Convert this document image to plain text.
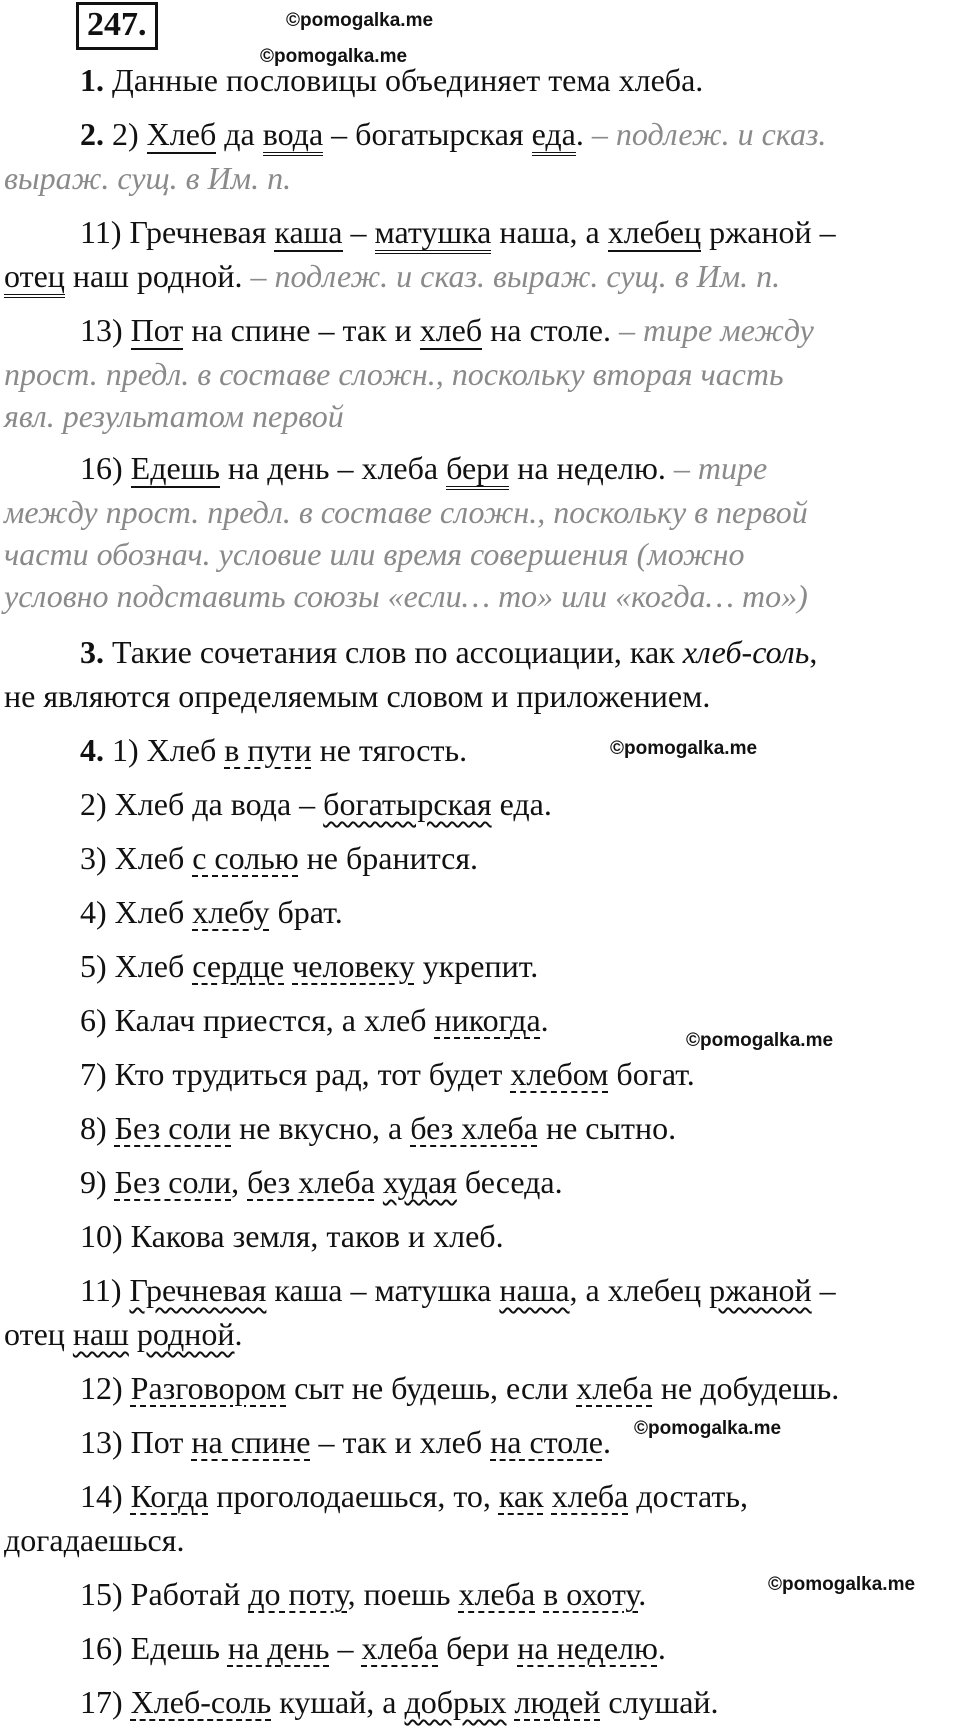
247.	©pomogalka.me
©pomogalka.me
©pomogalka.me
©pomogalka.me
©pomogalka.me
©pomogalka.me
1. Данные пословицы объединяет тема хлеба.
2. 2) Хлеб да вода – богатырская еда. – подлеж. и сказ.
выраж. сущ. в Им. п.
11) Гречневая каша – матушка наша, а хлебец ржаной –
отец наш родной. – подлеж. и сказ. выраж. сущ. в Им. п.
13) Пот на спине – так и хлеб на столе. – тире между
прост. предл. в составе сложн., поскольку вторая часть
явл. результатом первой
16) Едешь на день – хлеба бери на неделю. – тире
между прост. предл. в составе сложн., поскольку в первой
части обознач. условие или время совершения (можно
условно подставить союзы «если… то» или «когда… то»)
3. Такие сочетания слов по ассоциации, как хлеб-соль,
не являются определяемым словом и приложением.
4. 1) Хлеб в пути не тягость.
2) Хлеб да вода – богатырская еда.
3) Хлеб с солью не бранится.
4) Хлеб хлебу брат.
5) Хлеб сердце человеку укрепит.
6) Калач приестся, а хлеб никогда.
7) Кто трудиться рад, тот будет хлебом богат.
8) Без соли не вкусно, а без хлеба не сытно.
9) Без соли, без хлеба худая беседа.
10) Какова земля, таков и хлеб.
11) Гречневая каша – матушка наша, а хлебец ржаной –
отец наш родной.
12) Разговором сыт не будешь, если хлеба не добудешь.
13) Пот на спине – так и хлеб на столе.
14) Когда проголодаешься, то, как хлеба достать,
догадаешься.
15) Работай до поту, поешь хлеба в охоту.
16) Едешь на день – хлеба бери на неделю.
17) Хлеб-соль кушай, а добрых людей слушай.
